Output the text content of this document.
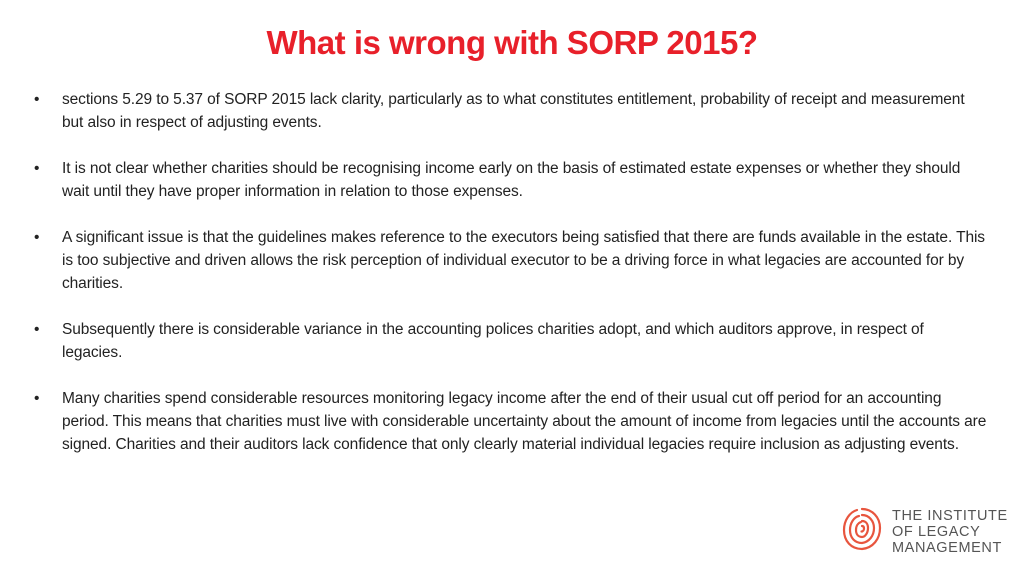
What is wrong with SORP 2015?
• sections 5.29 to 5.37 of SORP 2015 lack clarity, particularly as to what constitutes entitlement, probability of receipt and measurement but also in respect of adjusting events.
• It is not clear whether charities should be recognising income early on the basis of estimated estate expenses or whether they should wait until they have proper information in relation to those expenses.
• A significant issue is that the guidelines makes reference to the executors being satisfied that there are funds available in the estate. This is too subjective and driven allows the risk perception of individual executor to be a driving force in what legacies are accounted for by charities.
• Subsequently there is considerable variance in the accounting polices charities adopt, and which auditors approve, in respect of legacies.
• Many charities spend considerable resources monitoring legacy income after the end of their usual cut off period for an accounting period. This means that charities must live with considerable uncertainty about the amount of income from legacies until the accounts are signed. Charities and their auditors lack confidence that only clearly material individual legacies require inclusion as adjusting events.
THE INSTITUTE
OF LEGACY
MANAGEMENT
